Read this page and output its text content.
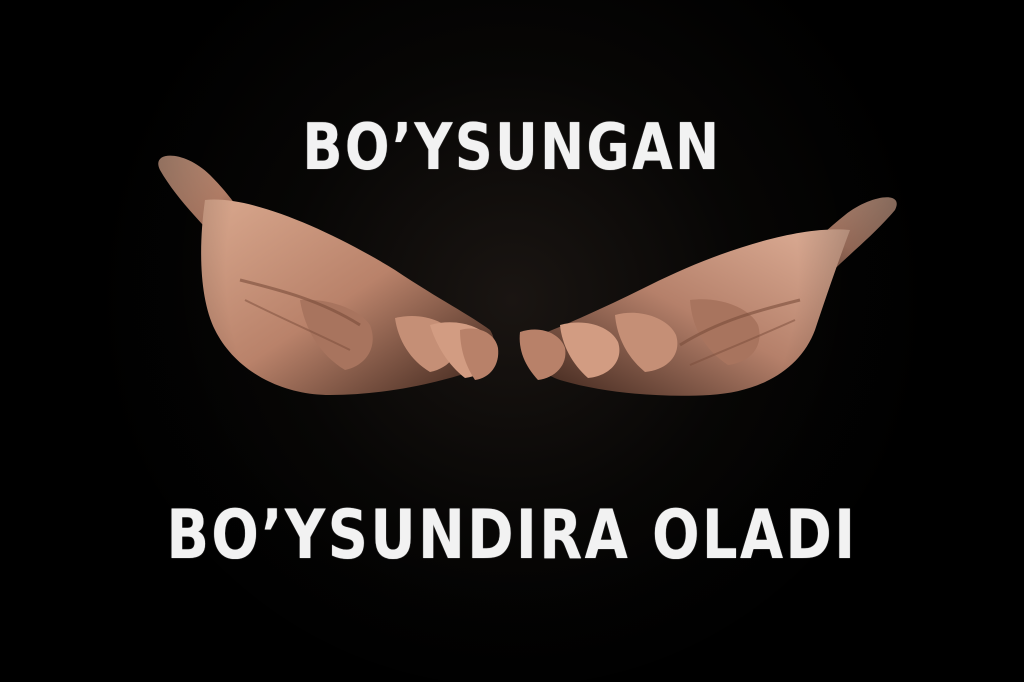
BO’YSUNGAN
BO’YSUNDIRA OLADI
